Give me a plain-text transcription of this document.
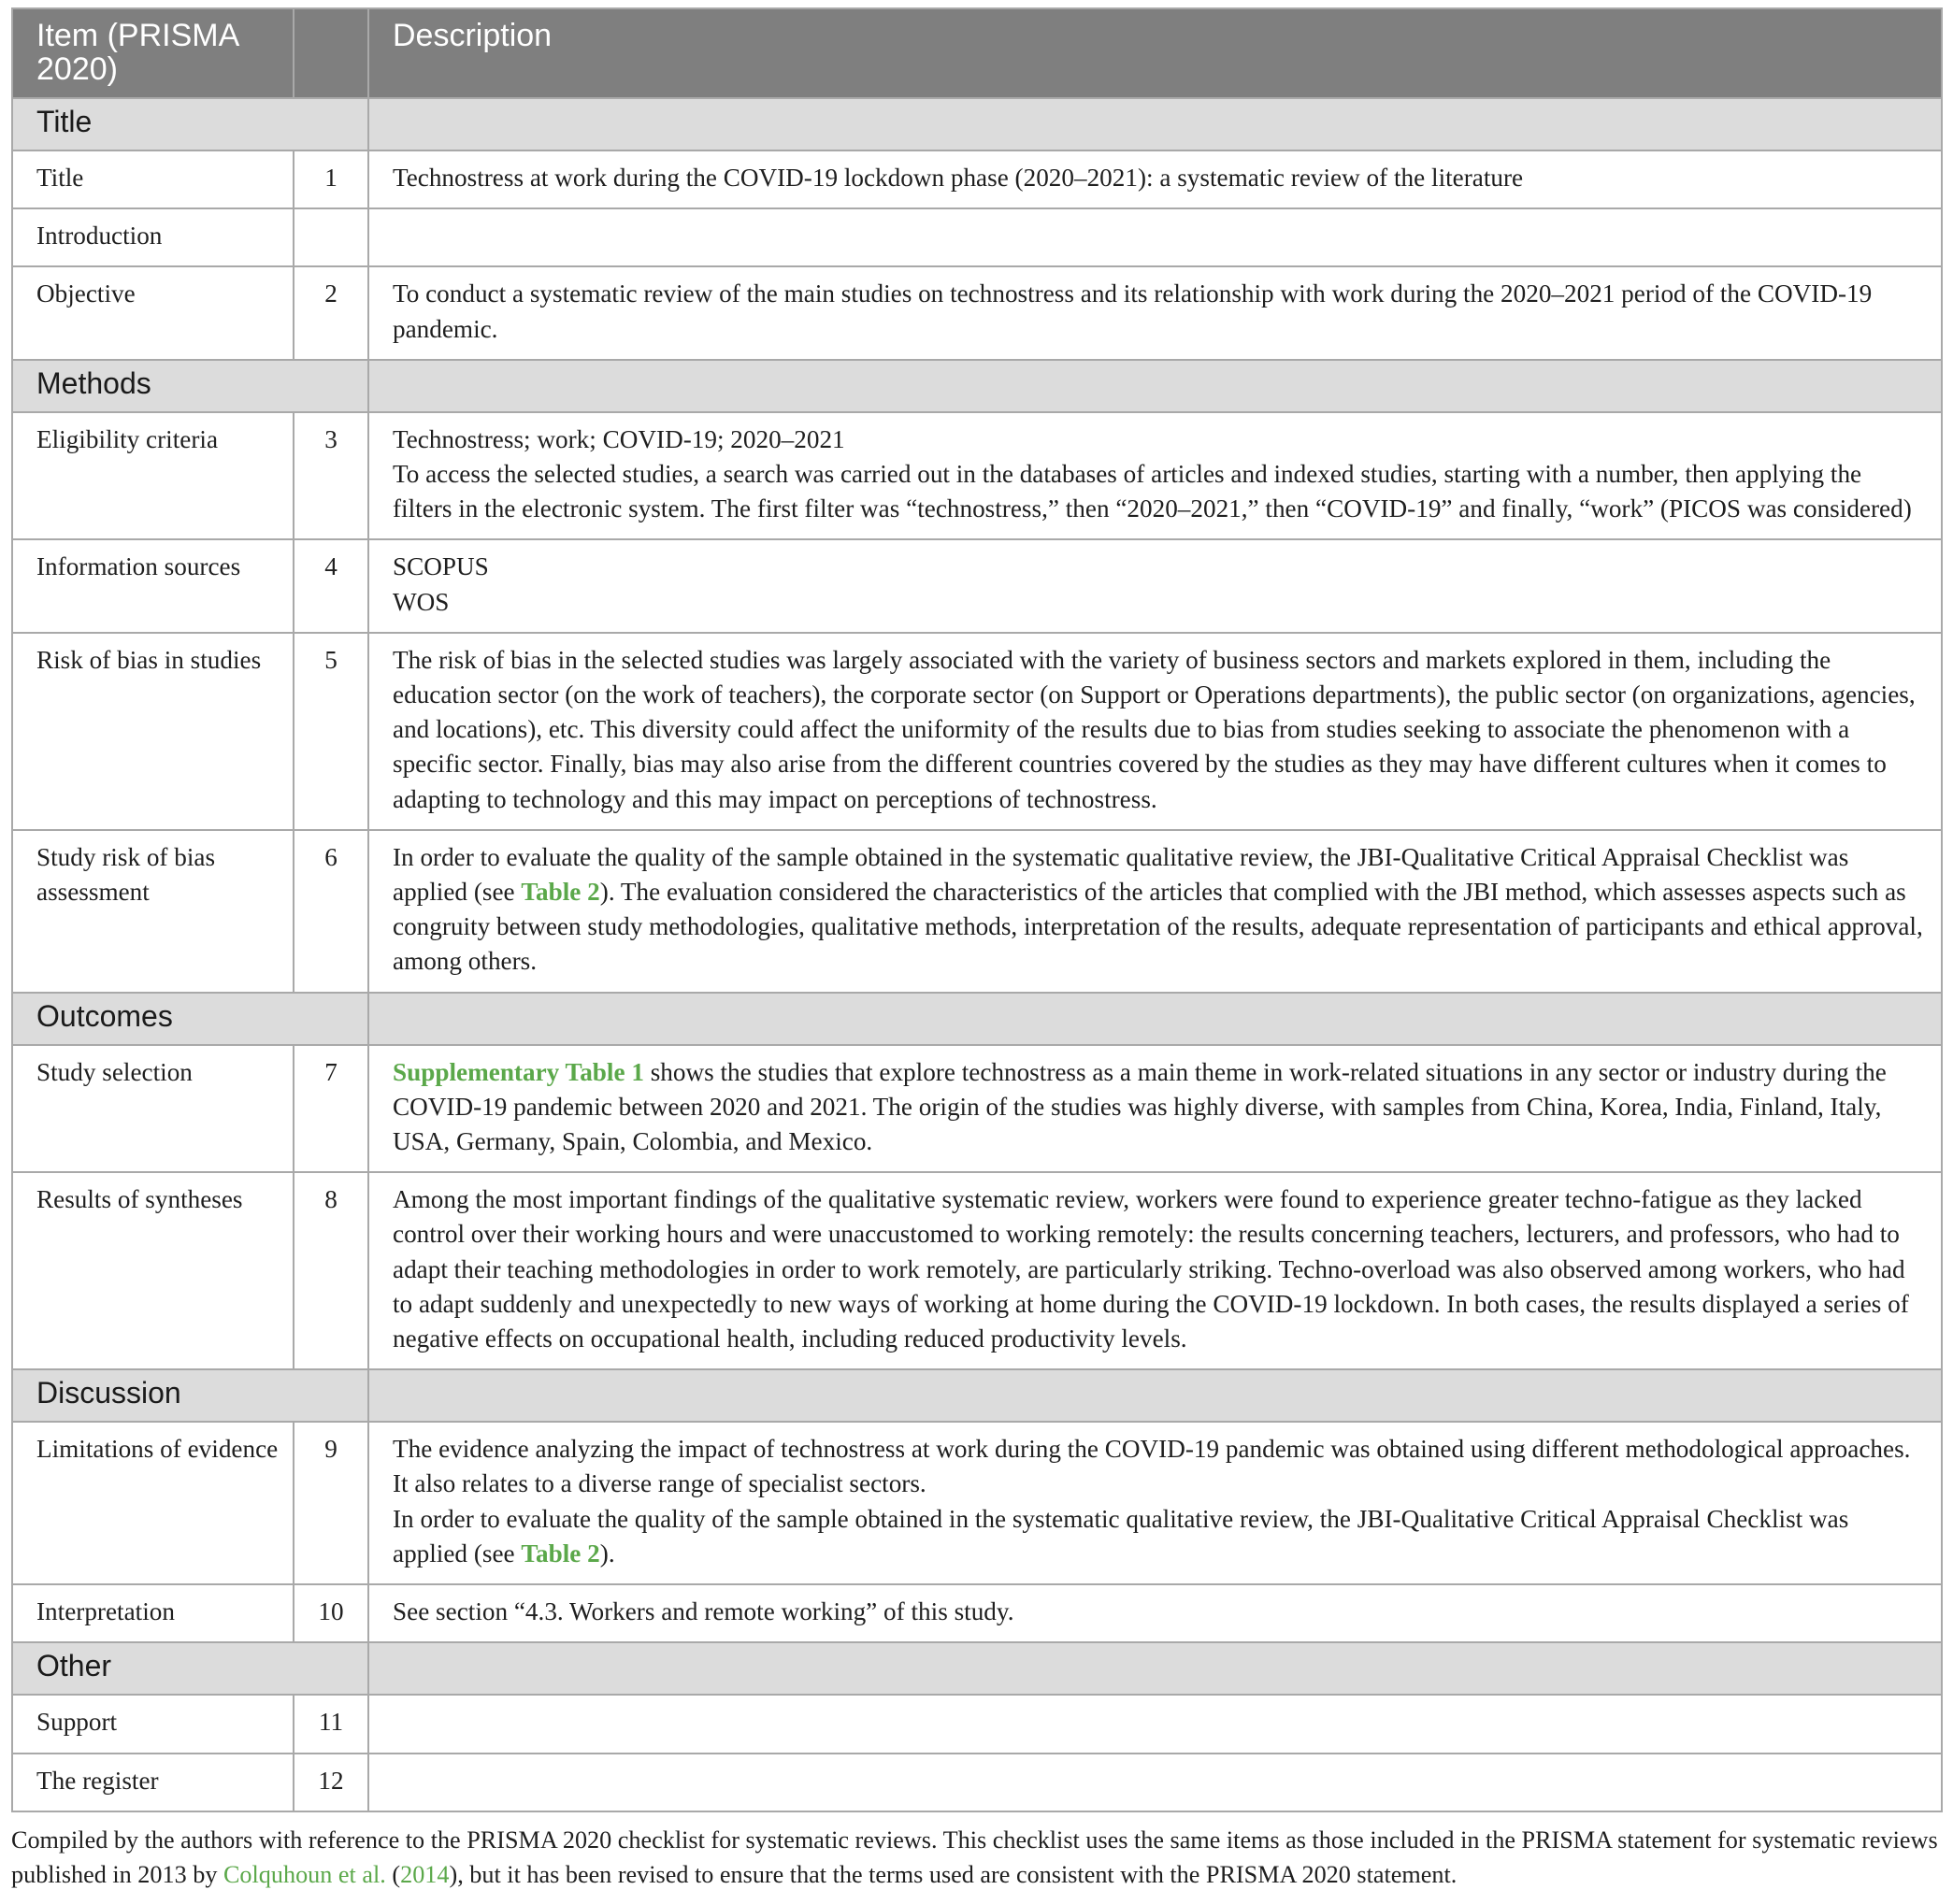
Item (PRISMA 2020)		Description
Title		
Title	1	Technostress at work during the COVID-19 lockdown phase (2020–2021): a systematic review of the literature

Introduction		

Objective	2	To conduct a systematic review of the main studies on technostress and its relationship with work during the 2020–2021 period of the COVID-19 pandemic.

Methods		
Eligibility criteria	3	Technostress; work; COVID-19; 2020–2021
To access the selected studies, a search was carried out in the databases of articles and indexed studies, starting with a number, then applying the filters in the electronic system. The first filter was “technostress,” then “2020–2021,” then “COVID-19” and finally, “work” (PICOS was considered)

Information sources	4	SCOPUS
WOS

Risk of bias in studies	5	The risk of bias in the selected studies was largely associated with the variety of business sectors and markets explored in them, including the education sector (on the work of teachers), the corporate sector (on Support or Operations departments), the public sector (on organizations, agencies, and locations), etc. This diversity could affect the uniformity of the results due to bias from studies seeking to associate the phenomenon with a specific sector. Finally, bias may also arise from the different countries covered by the studies as they may have different cultures when it comes to adapting to technology and this may impact on perceptions of technostress.

Study risk of bias assessment	6	In order to evaluate the quality of the sample obtained in the systematic qualitative review, the JBI-Qualitative Critical Appraisal Checklist was applied (see Table 2). The evaluation considered the characteristics of the articles that complied with the JBI method, which assesses aspects such as congruity between study methodologies, qualitative methods, interpretation of the results, adequate representation of participants and ethical approval, among others.

Outcomes		
Study selection	7	Supplementary Table 1 shows the studies that explore technostress as a main theme in work-related situations in any sector or industry during the COVID-19 pandemic between 2020 and 2021. The origin of the studies was highly diverse, with samples from China, Korea, India, Finland, Italy, USA, Germany, Spain, Colombia, and Mexico.

Results of syntheses	8	Among the most important findings of the qualitative systematic review, workers were found to experience greater techno-fatigue as they lacked control over their working hours and were unaccustomed to working remotely: the results concerning teachers, lecturers, and professors, who had to adapt their teaching methodologies in order to work remotely, are particularly striking. Techno-overload was also observed among workers, who had to adapt suddenly and unexpectedly to new ways of working at home during the COVID-19 lockdown. In both cases, the results displayed a series of negative effects on occupational health, including reduced productivity levels.

Discussion		
Limitations of evidence	9	The evidence analyzing the impact of technostress at work during the COVID-19 pandemic was obtained using different methodological approaches.
It also relates to a diverse range of specialist sectors.
In order to evaluate the quality of the sample obtained in the systematic qualitative review, the JBI-Qualitative Critical Appraisal Checklist was applied (see Table 2).

Interpretation	10	See section “4.3. Workers and remote working” of this study.

Other		
Support	11	

The register	12	
Compiled by the authors with reference to the PRISMA 2020 checklist for systematic reviews. This checklist uses the same items as those included in the PRISMA statement for systematic reviews published in 2013 by Colquhoun et al. (2014), but it has been revised to ensure that the terms used are consistent with the PRISMA 2020 statement.
